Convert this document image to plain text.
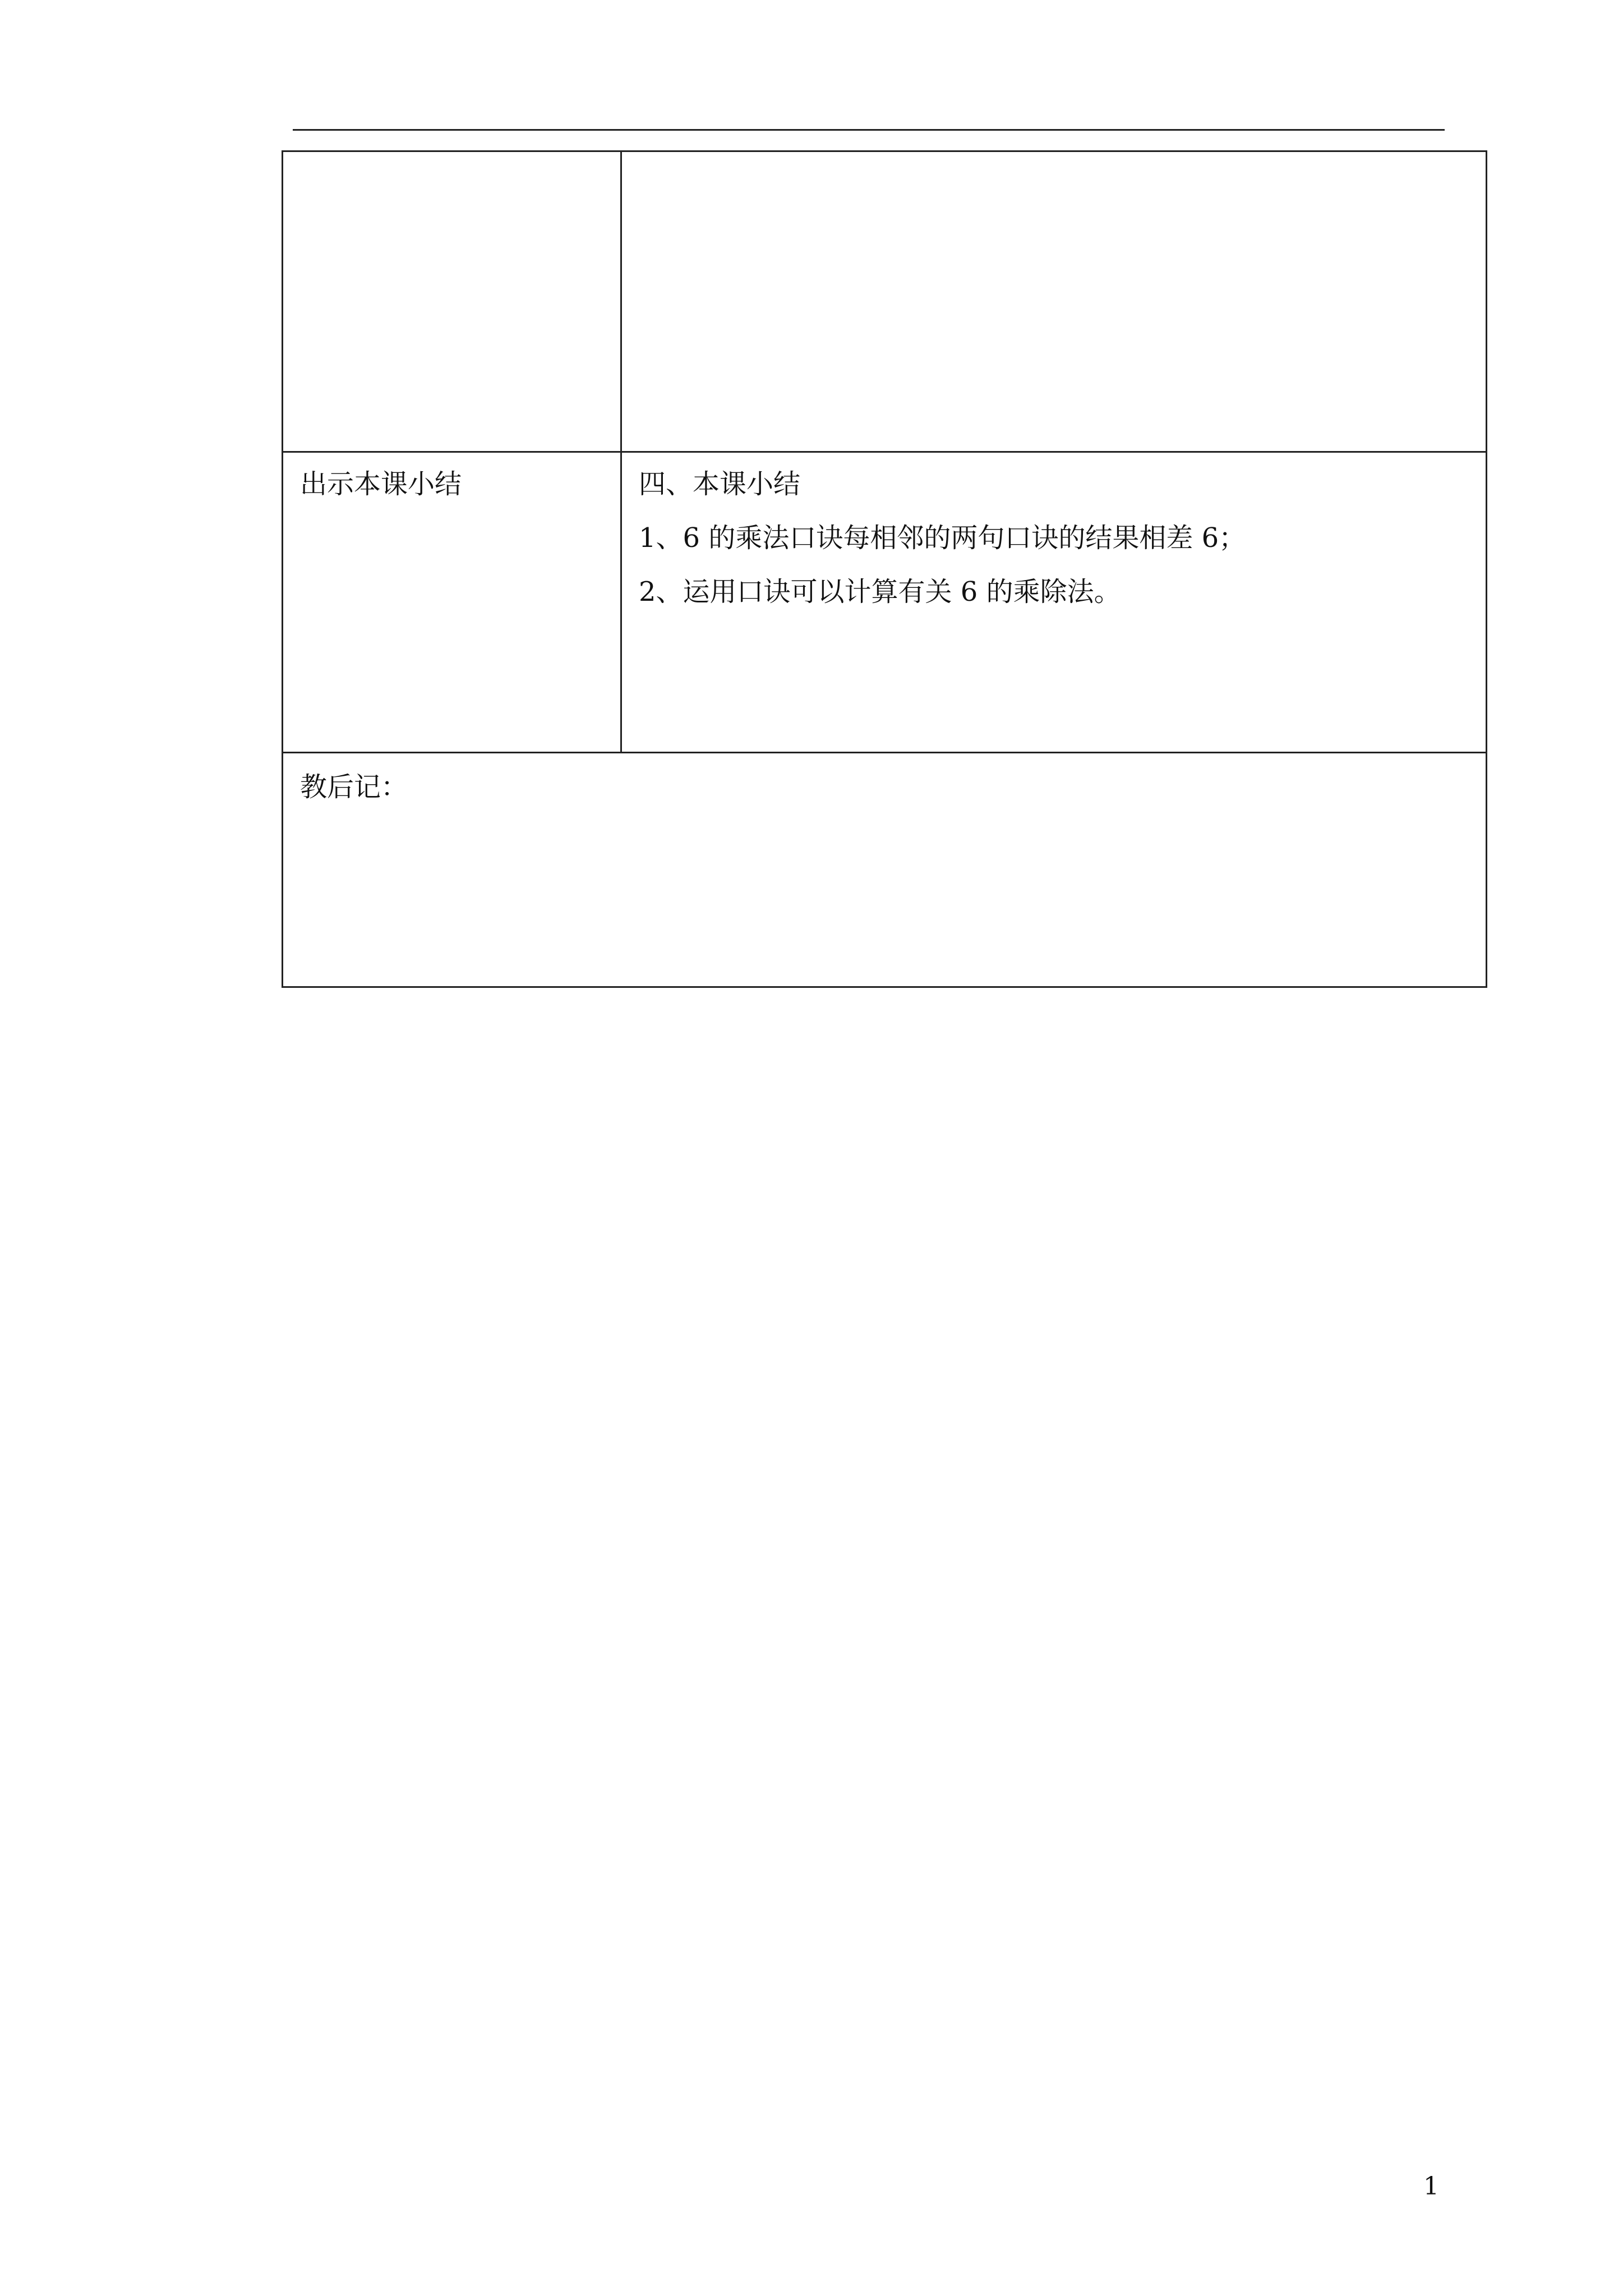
出示本课小结	四、本课小结
1、6 的乘法口诀每相邻的两句口诀的结果相差 6；
2、运用口诀可以计算有关 6 的乘除法。
教后记：
1
